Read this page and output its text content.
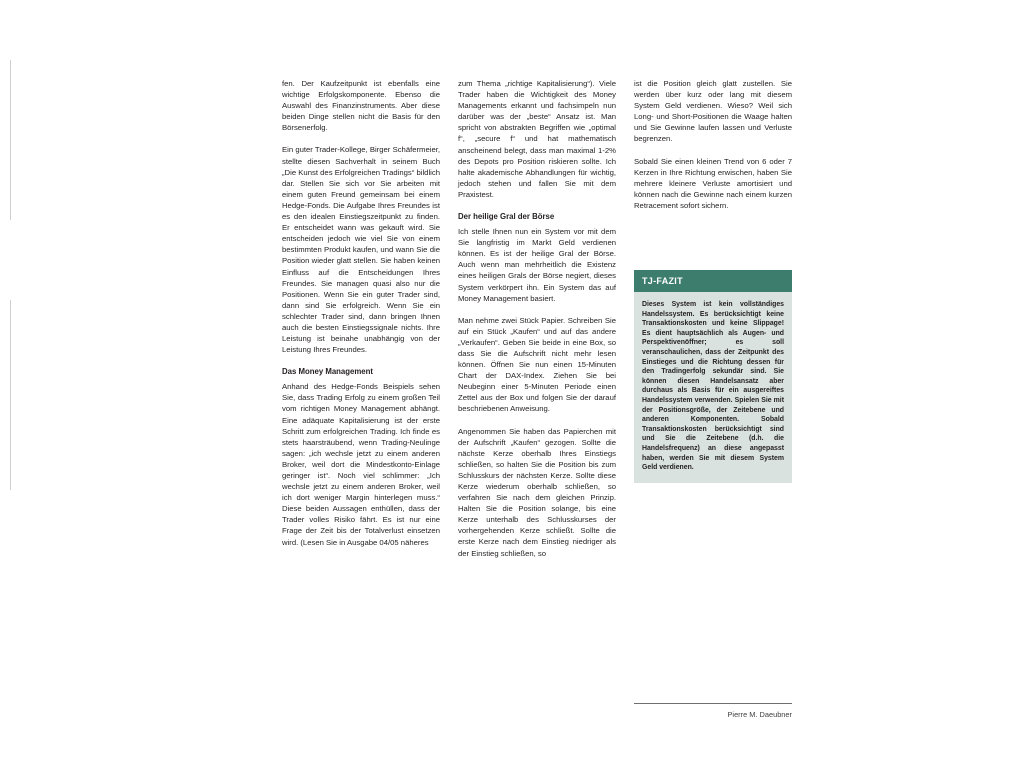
fen. Der Kaufzeitpunkt ist ebenfalls eine wichtige Erfolgskomponente. Ebenso die Auswahl des Finanzinstruments. Aber diese beiden Dinge stellen nicht die Basis für den Börsenerfolg.

Ein guter Trader-Kollege, Birger Schäfermeier, stellte diesen Sachverhalt in seinem Buch „Die Kunst des Erfolgreichen Tradings“ bildlich dar. Stellen Sie sich vor Sie arbeiten mit einem guten Freund gemeinsam bei einem Hedge-Fonds. Die Aufgabe Ihres Freundes ist es den idealen Einstiegszeitpunkt zu finden. Er entscheidet wann was gekauft wird. Sie entscheiden jedoch wie viel Sie von einem bestimmten Produkt kaufen, und wann Sie die Position wieder glatt stellen. Sie haben keinen Einfluss auf die Entscheidungen Ihres Freundes. Sie managen quasi also nur die Positionen. Wenn Sie ein guter Trader sind, dann sind Sie erfolgreich. Wenn Sie ein schlechter Trader sind, dann bringen Ihnen auch die besten Einstiegssignale nichts. Ihre Leistung ist beinahe unabhängig von der Leistung Ihres Freundes.

Das Money Management

Anhand des Hedge-Fonds Beispiels sehen Sie, dass Trading Erfolg zu einem großen Teil vom richtigen Money Management abhängt. Eine adäquate Kapitalisierung ist der erste Schritt zum erfolgreichen Trading. Ich finde es stets haarsträubend, wenn Trading-Neulinge sagen: „ich wechsle jetzt zu einem anderen Broker, weil dort die Mindestkonto-Einlage geringer ist“. Noch viel schlimmer: „Ich wechsle jetzt zu einem anderen Broker, weil ich dort weniger Margin hinterlegen muss.“ Diese beiden Aussagen enthüllen, dass der Trader volles Risiko fährt. Es ist nur eine Frage der Zeit bis der Totalverlust einsetzen wird. (Lesen Sie in Ausgabe 04/05 näheres

zum Thema „richtige Kapitalisierung“). Viele Trader haben die Wichtigkeit des Money Managements erkannt und fachsimpeln nun darüber was der „beste“ Ansatz ist. Man spricht von abstrakten Begriffen wie „optimal f“, „secure f“ und hat mathematisch anscheinend belegt, dass man maximal 1-2% des Depots pro Position riskieren sollte. Ich halte akademische Abhandlungen für wichtig, jedoch stehen und fallen Sie mit dem Praxistest.

Der heilige Gral der Börse

Ich stelle Ihnen nun ein System vor mit dem Sie langfristig im Markt Geld verdienen können. Es ist der heilige Gral der Börse. Auch wenn man mehrheitlich die Existenz eines heiligen Grals der Börse negiert, dieses System verkörpert ihn. Ein System das auf Money Management basiert.

Man nehme zwei Stück Papier. Schreiben Sie auf ein Stück „Kaufen“ und auf das andere „Verkaufen“. Geben Sie beide in eine Box, so dass Sie die Aufschrift nicht mehr lesen können. Öffnen Sie nun einen 15-Minuten Chart der DAX-Index. Ziehen Sie bei Neubeginn einer 5-Minuten Periode einen Zettel aus der Box und folgen Sie der darauf beschriebenen Anweisung.

Angenommen Sie haben das Papierchen mit der Aufschrift „Kaufen“ gezogen. Sollte die nächste Kerze oberhalb Ihres Einstiegs schließen, so halten Sie die Position bis zum Schlusskurs der nächsten Kerze. Sollte diese Kerze wiederum oberhalb schließen, so verfahren Sie nach dem gleichen Prinzip. Halten Sie die Position solange, bis eine Kerze unterhalb des Schlusskurses der vorhergehenden Kerze schließt. Sollte die erste Kerze nach dem Einstieg niedriger als der Einstieg schließen, so

ist die Position gleich glatt zustellen. Sie werden über kurz oder lang mit diesem System Geld verdienen. Wieso? Weil sich Long- und Short-Positionen die Waage halten und Sie Gewinne laufen lassen und Verluste begrenzen.

Sobald Sie einen kleinen Trend von 6 oder 7 Kerzen in Ihre Richtung erwischen, haben Sie mehrere kleinere Verluste amortisiert und können nach die Gewinne nach einem kurzen Retracement sofort sichern.

TJ-FAZIT
Dieses System ist kein vollständiges Handelssystem. Es berücksichtigt keine Transaktionskosten und keine Slippage! Es dient hauptsächlich als Augen- und Perspektivenöffner; es soll veranschaulichen, dass der Zeitpunkt des Einstieges und die Richtung dessen für den Tradingerfolg sekundär sind. Sie können diesen Handelsansatz aber durchaus als Basis für ein ausgereiftes Handelssystem verwenden. Spielen Sie mit der Positionsgröße, der Zeitebene und anderen Komponenten. Sobald Transaktionskosten berücksichtigt sind und Sie die Zeitebene (d.h. die Handelsfrequenz) an diese angepasst haben, werden Sie mit diesem System Geld verdienen.
Pierre M. Daeubner
